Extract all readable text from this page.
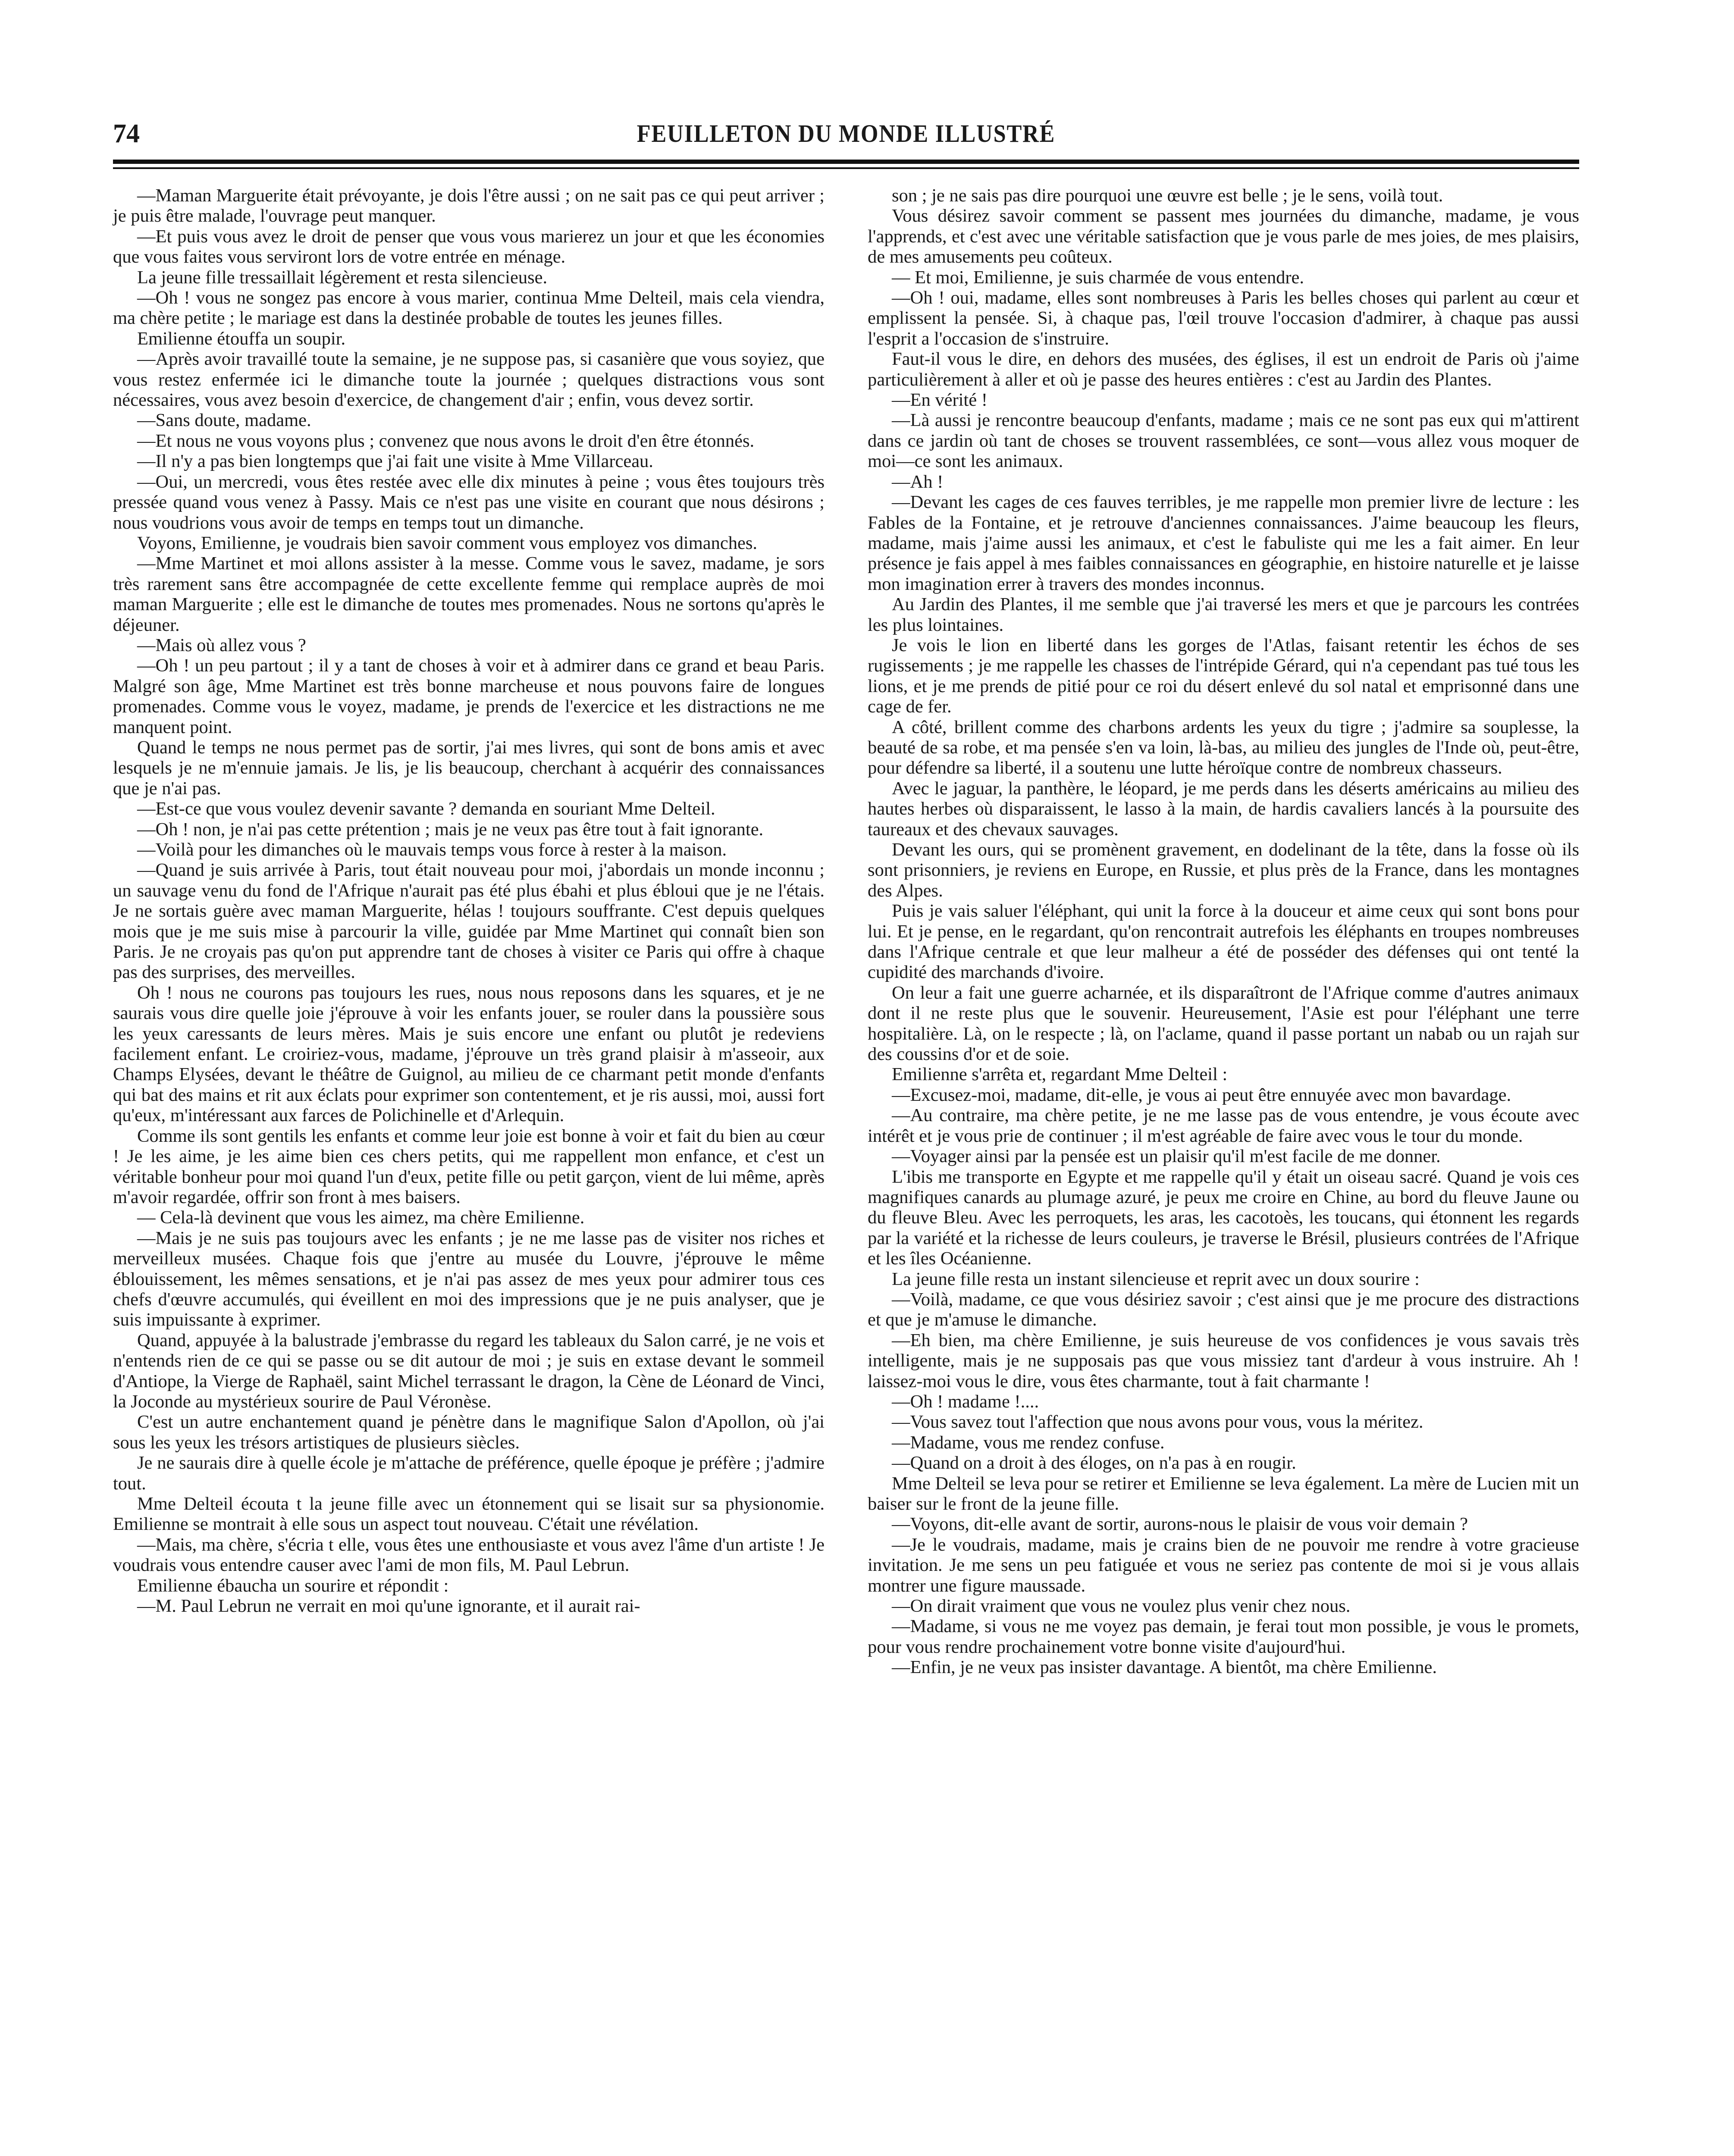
74	FEUILLETON DU MONDE ILLUSTRÉ

—Maman Marguerite était prévoyante, je dois l'être aussi ; on ne sait pas ce qui peut arriver ; je puis être malade, l'ouvrage peut manquer.

—Et puis vous avez le droit de penser que vous vous marierez un jour et que les économies que vous faites vous serviront lors de votre entrée en ménage.

La jeune fille tressaillait légèrement et resta silencieuse.

—Oh ! vous ne songez pas encore à vous marier, continua Mme Delteil, mais cela viendra, ma chère petite ; le mariage est dans la destinée probable de toutes les jeunes filles.

Emilienne étouffa un soupir.

—Après avoir travaillé toute la semaine, je ne suppose pas, si casanière que vous soyiez, que vous restez enfermée ici le dimanche toute la journée ; quelques distractions vous sont nécessaires, vous avez besoin d'exercice, de changement d'air ; enfin, vous devez sortir.

—Sans doute, madame.

—Et nous ne vous voyons plus ; convenez que nous avons le droit d'en être étonnés.

—Il n'y a pas bien longtemps que j'ai fait une visite à Mme Villarceau.

—Oui, un mercredi, vous êtes restée avec elle dix minutes à peine ; vous êtes toujours très pressée quand vous venez à Passy. Mais ce n'est pas une visite en courant que nous désirons ; nous voudrions vous avoir de temps en temps tout un dimanche.

Voyons, Emilienne, je voudrais bien savoir comment vous employez vos dimanches.

—Mme Martinet et moi allons assister à la messe. Comme vous le savez, madame, je sors très rarement sans être accompagnée de cette excellente femme qui remplace auprès de moi maman Marguerite ; elle est le dimanche de toutes mes promenades. Nous ne sortons qu'après le déjeuner.

—Mais où allez vous ?

—Oh ! un peu partout ; il y a tant de choses à voir et à admirer dans ce grand et beau Paris. Malgré son âge, Mme Martinet est très bonne marcheuse et nous pouvons faire de longues promenades. Comme vous le voyez, madame, je prends de l'exercice et les distractions ne me manquent point.

Quand le temps ne nous permet pas de sortir, j'ai mes livres, qui sont de bons amis et avec lesquels je ne m'ennuie jamais. Je lis, je lis beaucoup, cherchant à acquérir des connaissances que je n'ai pas.

—Est-ce que vous voulez devenir savante ? demanda en souriant Mme Delteil.

—Oh ! non, je n'ai pas cette prétention ; mais je ne veux pas être tout à fait ignorante.

—Voilà pour les dimanches où le mauvais temps vous force à rester à la maison.

—Quand je suis arrivée à Paris, tout était nouveau pour moi, j'abordais un monde inconnu ; un sauvage venu du fond de l'Afrique n'aurait pas été plus ébahi et plus ébloui que je ne l'étais. Je ne sortais guère avec maman Marguerite, hélas ! toujours souffrante. C'est depuis quelques mois que je me suis mise à parcourir la ville, guidée par Mme Martinet qui connaît bien son Paris. Je ne croyais pas qu'on put apprendre tant de choses à visiter ce Paris qui offre à chaque pas des surprises, des merveilles.

Oh ! nous ne courons pas toujours les rues, nous nous reposons dans les squares, et je ne saurais vous dire quelle joie j'éprouve à voir les enfants jouer, se rouler dans la poussière sous les yeux caressants de leurs mères. Mais je suis encore une enfant ou plutôt je redeviens facilement enfant. Le croiriez-vous, madame, j'éprouve un très grand plaisir à m'asseoir, aux Champs Elysées, devant le théâtre de Guignol, au milieu de ce charmant petit monde d'enfants qui bat des mains et rit aux éclats pour exprimer son contentement, et je ris aussi, moi, aussi fort qu'eux, m'intéressant aux farces de Polichinelle et d'Arlequin.

Comme ils sont gentils les enfants et comme leur joie est bonne à voir et fait du bien au cœur ! Je les aime, je les aime bien ces chers petits, qui me rappellent mon enfance, et c'est un véritable bonheur pour moi quand l'un d'eux, petite fille ou petit garçon, vient de lui même, après m'avoir regardée, offrir son front à mes baisers.

— Cela-là devinent que vous les aimez, ma chère Emilienne.

—Mais je ne suis pas toujours avec les enfants ; je ne me lasse pas de visiter nos riches et merveilleux musées. Chaque fois que j'entre au musée du Louvre, j'éprouve le même éblouissement, les mêmes sensations, et je n'ai pas assez de mes yeux pour admirer tous ces chefs d'œuvre accumulés, qui éveillent en moi des impressions que je ne puis analyser, que je suis impuissante à exprimer.

Quand, appuyée à la balustrade j'embrasse du regard les tableaux du Salon carré, je ne vois et n'entends rien de ce qui se passe ou se dit autour de moi ; je suis en extase devant le sommeil d'Antiope, la Vierge de Raphaël, saint Michel terrassant le dragon, la Cène de Léonard de Vinci, la Joconde au mystérieux sourire de Paul Véronèse.

C'est un autre enchantement quand je pénètre dans le magnifique Salon d'Apollon, où j'ai sous les yeux les trésors artistiques de plusieurs siècles.

Je ne saurais dire à quelle école je m'attache de préférence, quelle époque je préfère ; j'admire tout.

Mme Delteil écouta t la jeune fille avec un étonnement qui se lisait sur sa physionomie. Emilienne se montrait à elle sous un aspect tout nouveau. C'était une révélation.

—Mais, ma chère, s'écria t elle, vous êtes une enthousiaste et vous avez l'âme d'un artiste ! Je voudrais vous entendre causer avec l'ami de mon fils, M. Paul Lebrun.

Emilienne ébaucha un sourire et répondit :

—M. Paul Lebrun ne verrait en moi qu'une ignorante, et il aurait rai-

son ; je ne sais pas dire pourquoi une œuvre est belle ; je le sens, voilà tout.

Vous désirez savoir comment se passent mes journées du dimanche, madame, je vous l'apprends, et c'est avec une véritable satisfaction que je vous parle de mes joies, de mes plaisirs, de mes amusements peu coûteux.

— Et moi, Emilienne, je suis charmée de vous entendre.

—Oh ! oui, madame, elles sont nombreuses à Paris les belles choses qui parlent au cœur et emplissent la pensée. Si, à chaque pas, l'œil trouve l'occasion d'admirer, à chaque pas aussi l'esprit a l'occasion de s'instruire.

Faut-il vous le dire, en dehors des musées, des églises, il est un endroit de Paris où j'aime particulièrement à aller et où je passe des heures entières : c'est au Jardin des Plantes.

—En vérité !

—Là aussi je rencontre beaucoup d'enfants, madame ; mais ce ne sont pas eux qui m'attirent dans ce jardin où tant de choses se trouvent rassemblées, ce sont—vous allez vous moquer de moi—ce sont les animaux.

—Ah !

—Devant les cages de ces fauves terribles, je me rappelle mon premier livre de lecture : les Fables de la Fontaine, et je retrouve d'anciennes connaissances. J'aime beaucoup les fleurs, madame, mais j'aime aussi les animaux, et c'est le fabuliste qui me les a fait aimer. En leur présence je fais appel à mes faibles connaissances en géographie, en histoire naturelle et je laisse mon imagination errer à travers des mondes inconnus.

Au Jardin des Plantes, il me semble que j'ai traversé les mers et que je parcours les contrées les plus lointaines.

Je vois le lion en liberté dans les gorges de l'Atlas, faisant retentir les échos de ses rugissements ; je me rappelle les chasses de l'intrépide Gérard, qui n'a cependant pas tué tous les lions, et je me prends de pitié pour ce roi du désert enlevé du sol natal et emprisonné dans une cage de fer.

A côté, brillent comme des charbons ardents les yeux du tigre ; j'admire sa souplesse, la beauté de sa robe, et ma pensée s'en va loin, là-bas, au milieu des jungles de l'Inde où, peut-être, pour défendre sa liberté, il a soutenu une lutte héroïque contre de nombreux chasseurs.

Avec le jaguar, la panthère, le léopard, je me perds dans les déserts américains au milieu des hautes herbes où disparaissent, le lasso à la main, de hardis cavaliers lancés à la poursuite des taureaux et des chevaux sauvages.

Devant les ours, qui se promènent gravement, en dodelinant de la tête, dans la fosse où ils sont prisonniers, je reviens en Europe, en Russie, et plus près de la France, dans les montagnes des Alpes.

Puis je vais saluer l'éléphant, qui unit la force à la douceur et aime ceux qui sont bons pour lui. Et je pense, en le regardant, qu'on rencontrait autrefois les éléphants en troupes nombreuses dans l'Afrique centrale et que leur malheur a été de posséder des défenses qui ont tenté la cupidité des marchands d'ivoire.

On leur a fait une guerre acharnée, et ils disparaîtront de l'Afrique comme d'autres animaux dont il ne reste plus que le souvenir. Heureusement, l'Asie est pour l'éléphant une terre hospitalière. Là, on le respecte ; là, on l'aclame, quand il passe portant un nabab ou un rajah sur des coussins d'or et de soie.

Emilienne s'arrêta et, regardant Mme Delteil :

—Excusez-moi, madame, dit-elle, je vous ai peut être ennuyée avec mon bavardage.

—Au contraire, ma chère petite, je ne me lasse pas de vous entendre, je vous écoute avec intérêt et je vous prie de continuer ; il m'est agréable de faire avec vous le tour du monde.

—Voyager ainsi par la pensée est un plaisir qu'il m'est facile de me donner.

L'ibis me transporte en Egypte et me rappelle qu'il y était un oiseau sacré. Quand je vois ces magnifiques canards au plumage azuré, je peux me croire en Chine, au bord du fleuve Jaune ou du fleuve Bleu. Avec les perroquets, les aras, les cacotoès, les toucans, qui étonnent les regards par la variété et la richesse de leurs couleurs, je traverse le Brésil, plusieurs contrées de l'Afrique et les îles Océanienne.

La jeune fille resta un instant silencieuse et reprit avec un doux sourire :

—Voilà, madame, ce que vous désiriez savoir ; c'est ainsi que je me procure des distractions et que je m'amuse le dimanche.

—Eh bien, ma chère Emilienne, je suis heureuse de vos confidences je vous savais très intelligente, mais je ne supposais pas que vous missiez tant d'ardeur à vous instruire. Ah ! laissez-moi vous le dire, vous êtes charmante, tout à fait charmante !

—Oh ! madame !....

—Vous savez tout l'affection que nous avons pour vous, vous la méritez.

—Madame, vous me rendez confuse.

—Quand on a droit à des éloges, on n'a pas à en rougir.

Mme Delteil se leva pour se retirer et Emilienne se leva également. La mère de Lucien mit un baiser sur le front de la jeune fille.

—Voyons, dit-elle avant de sortir, aurons-nous le plaisir de vous voir demain ?

—Je le voudrais, madame, mais je crains bien de ne pouvoir me rendre à votre gracieuse invitation. Je me sens un peu fatiguée et vous ne seriez pas contente de moi si je vous allais montrer une figure maussade.

—On dirait vraiment que vous ne voulez plus venir chez nous.

—Madame, si vous ne me voyez pas demain, je ferai tout mon possible, je vous le promets, pour vous rendre prochainement votre bonne visite d'aujourd'hui.

—Enfin, je ne veux pas insister davantage. A bientôt, ma chère Emilienne.
